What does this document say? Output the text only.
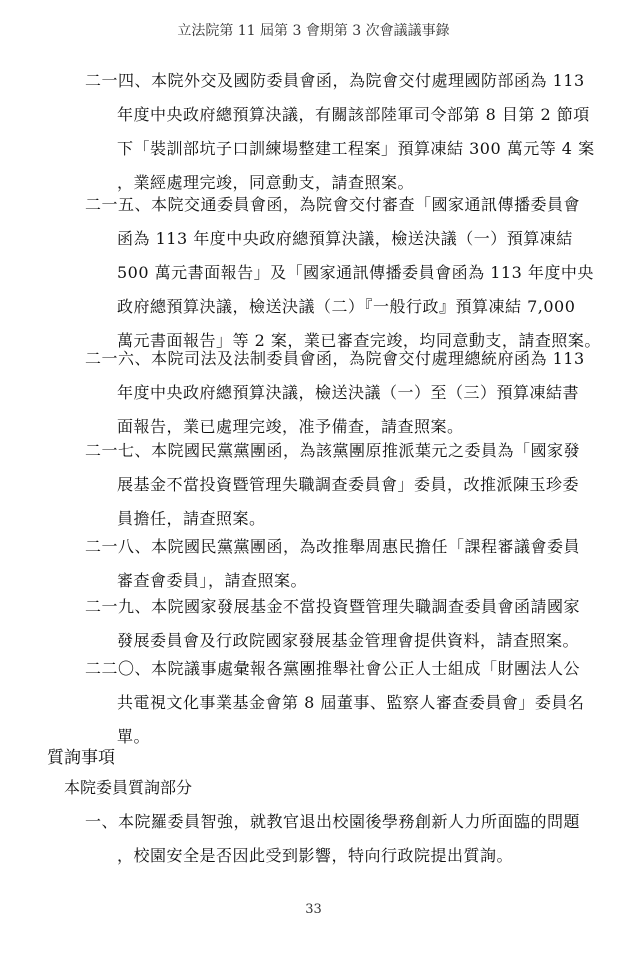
立法院第 11 屆第 3 會期第 3 次會議議事錄
二一四、本院外交及國防委員會函，為院會交付處理國防部函為 113
年度中央政府總預算決議，有關該部陸軍司令部第 8 目第 2 節項
下「裝訓部坑子口訓練場整建工程案」預算凍結 300 萬元等 4 案
，業經處理完竣，同意動支，請查照案。
二一五、本院交通委員會函，為院會交付審查「國家通訊傳播委員會
函為 113 年度中央政府總預算決議，檢送決議（一）預算凍結
500 萬元書面報告」及「國家通訊傳播委員會函為 113 年度中央
政府總預算決議，檢送決議（二）『一般行政』預算凍結 7,000
萬元書面報告」等 2 案，業已審查完竣，均同意動支，請查照案。
二一六、本院司法及法制委員會函，為院會交付處理總統府函為 113
年度中央政府總預算決議，檢送決議（一）至（三）預算凍結書
面報告，業已處理完竣，准予備查，請查照案。
二一七、本院國民黨黨團函，為該黨團原推派葉元之委員為「國家發
展基金不當投資暨管理失職調查委員會」委員，改推派陳玉珍委
員擔任，請查照案。
二一八、本院國民黨黨團函，為改推舉周惠民擔任「課程審議會委員
審查會委員」，請查照案。
二一九、本院國家發展基金不當投資暨管理失職調查委員會函請國家
發展委員會及行政院國家發展基金管理會提供資料，請查照案。
二二〇、本院議事處彙報各黨團推舉社會公正人士組成「財團法人公
共電視文化事業基金會第 8 屆董事、監察人審查委員會」委員名
單。
質詢事項
本院委員質詢部分
一、本院羅委員智強，就教官退出校園後學務創新人力所面臨的問題
，校園安全是否因此受到影響，特向行政院提出質詢。
33
